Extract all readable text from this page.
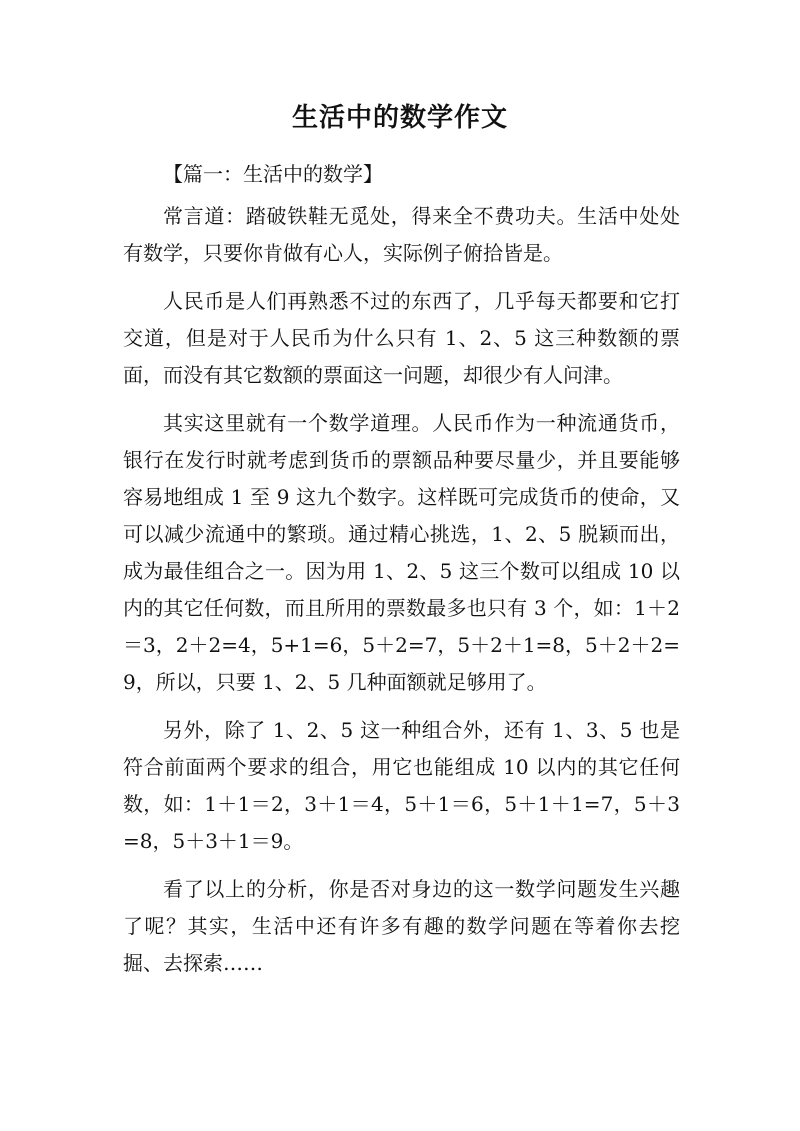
生活中的数学作文

【篇一：生活中的数学】

常言道：踏破铁鞋无觅处，得来全不费功夫。生活中处处有数学，只要你肯做有心人，实际例子俯拾皆是。

人民币是人们再熟悉不过的东西了，几乎每天都要和它打交道，但是对于人民币为什么只有 1、2、5 这三种数额的票面，而没有其它数额的票面这一问题，却很少有人问津。

其实这里就有一个数学道理。人民币作为一种流通货币，银行在发行时就考虑到货币的票额品种要尽量少，并且要能够容易地组成 1 至 9 这九个数字。这样既可完成货币的使命，又可以减少流通中的繁琐。通过精心挑选，1、2、5 脱颖而出，成为最佳组合之一。因为用 1、2、5 这三个数可以组成 10 以内的其它任何数，而且所用的票数最多也只有 3 个，如：1＋2＝3，2＋2=4，5+1=6，5＋2=7，5＋2＋1=8，5＋2＋2=9，所以，只要 1、2、5 几种面额就足够用了。

另外，除了 1、2、5 这一种组合外，还有 1、3、5 也是符合前面两个要求的组合，用它也能组成 10 以内的其它任何数，如：1＋1＝2，3＋1＝4，5＋1＝6，5＋1＋1=7，5＋3=8，5＋3＋1＝9。

看了以上的分析，你是否对身边的这一数学问题发生兴趣了呢？其实，生活中还有许多有趣的数学问题在等着你去挖掘、去探索……
